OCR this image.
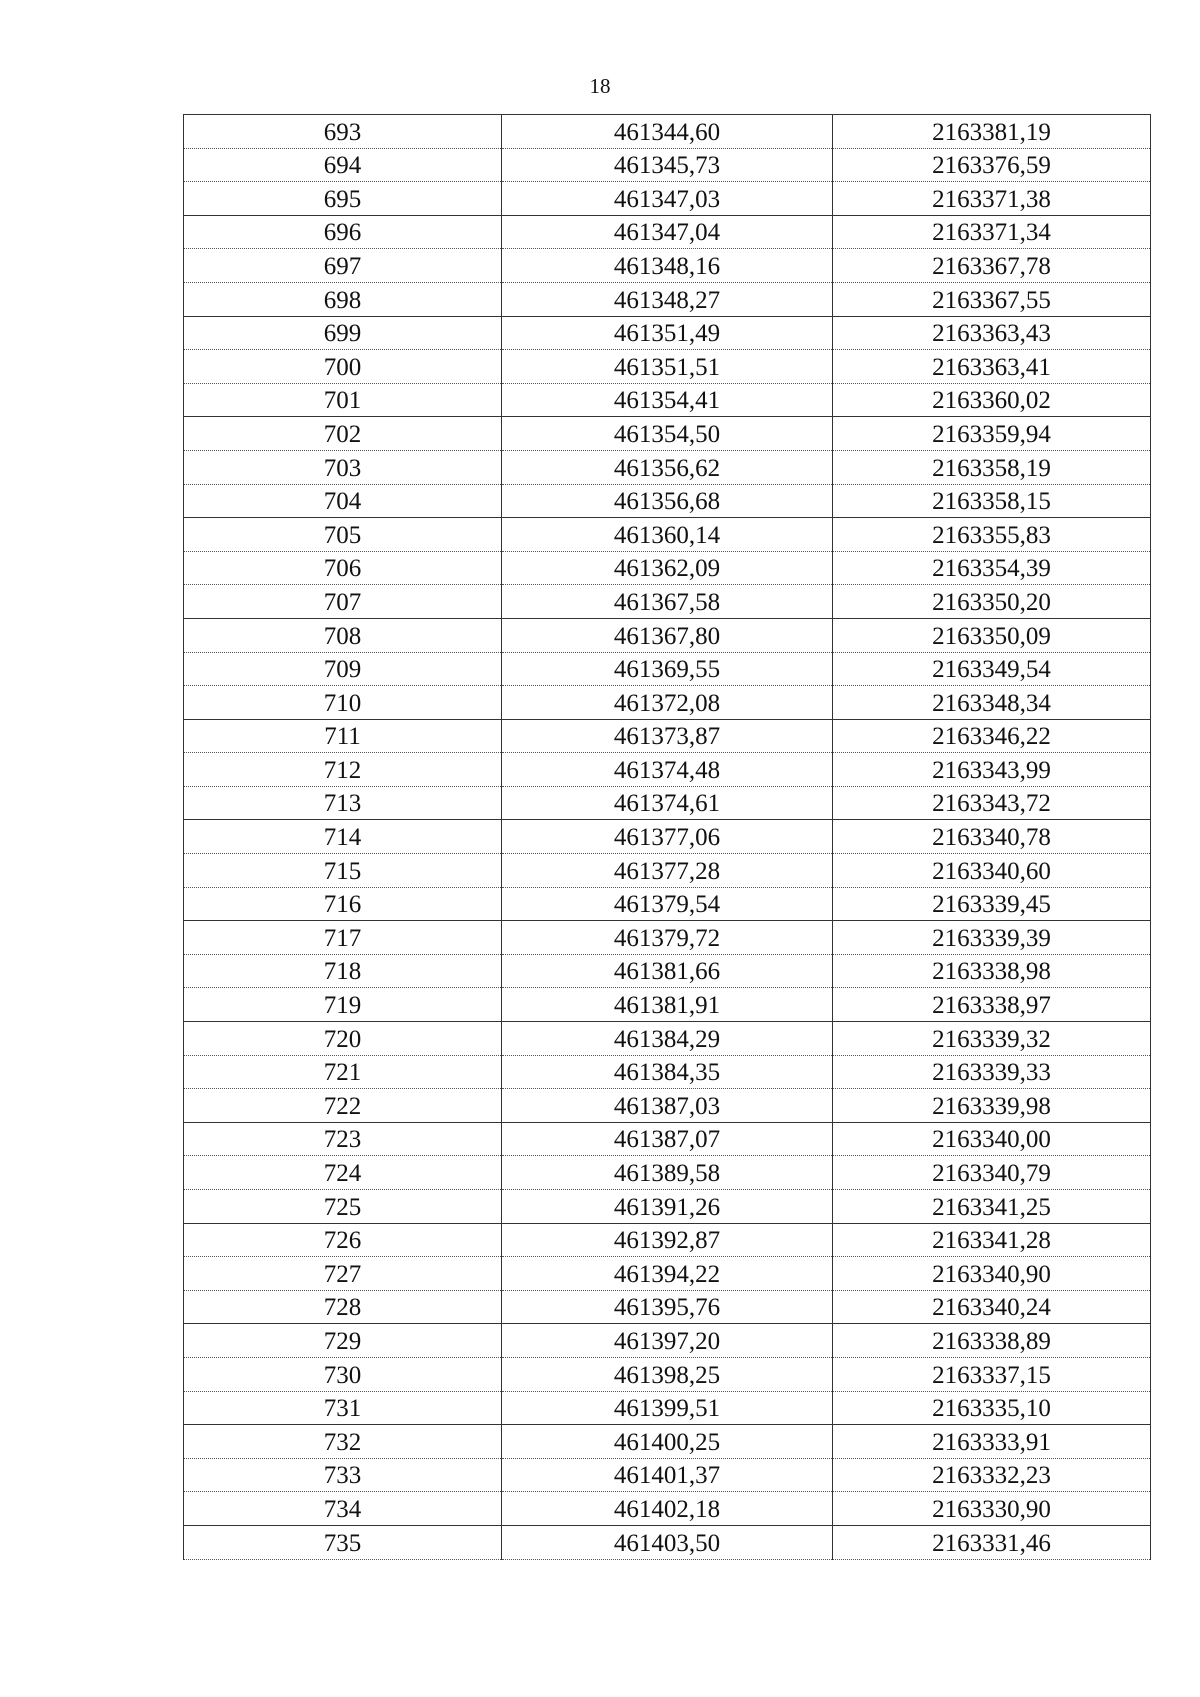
18
693	461344,60	2163381,19
694	461345,73	2163376,59
695	461347,03	2163371,38
696	461347,04	2163371,34
697	461348,16	2163367,78
698	461348,27	2163367,55
699	461351,49	2163363,43
700	461351,51	2163363,41
701	461354,41	2163360,02
702	461354,50	2163359,94
703	461356,62	2163358,19
704	461356,68	2163358,15
705	461360,14	2163355,83
706	461362,09	2163354,39
707	461367,58	2163350,20
708	461367,80	2163350,09
709	461369,55	2163349,54
710	461372,08	2163348,34
711	461373,87	2163346,22
712	461374,48	2163343,99
713	461374,61	2163343,72
714	461377,06	2163340,78
715	461377,28	2163340,60
716	461379,54	2163339,45
717	461379,72	2163339,39
718	461381,66	2163338,98
719	461381,91	2163338,97
720	461384,29	2163339,32
721	461384,35	2163339,33
722	461387,03	2163339,98
723	461387,07	2163340,00
724	461389,58	2163340,79
725	461391,26	2163341,25
726	461392,87	2163341,28
727	461394,22	2163340,90
728	461395,76	2163340,24
729	461397,20	2163338,89
730	461398,25	2163337,15
731	461399,51	2163335,10
732	461400,25	2163333,91
733	461401,37	2163332,23
734	461402,18	2163330,90
735	461403,50	2163331,46
